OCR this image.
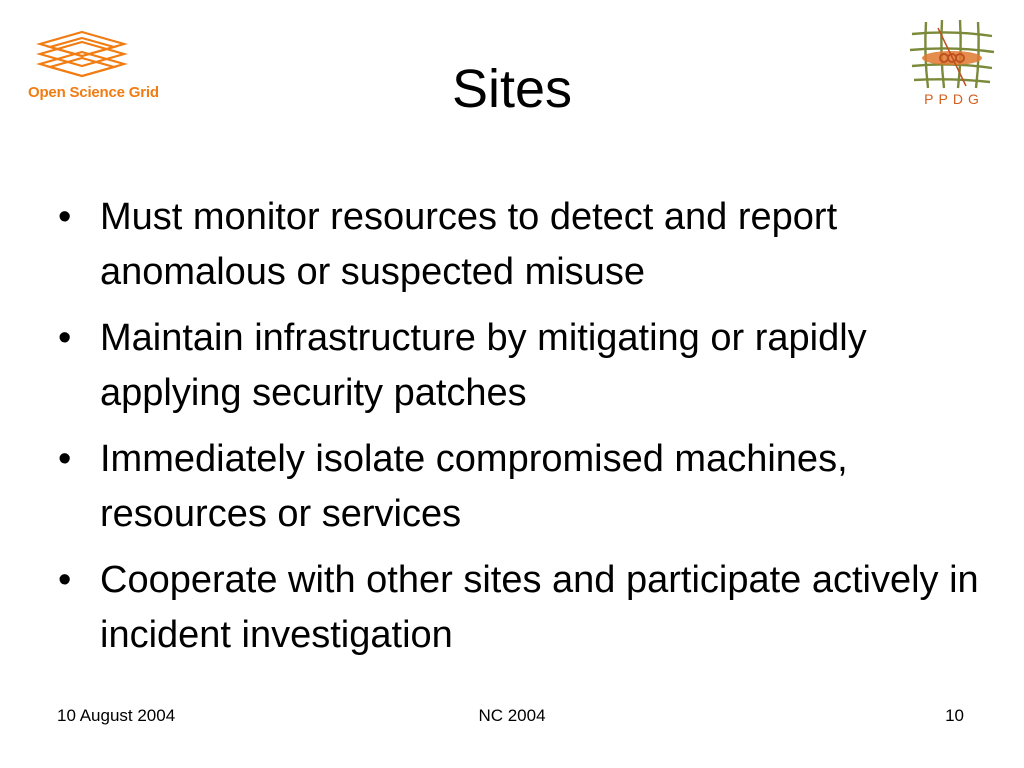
Open Science Grid	Sites	PPDG
• Must monitor resources to detect and report anomalous or suspected misuse
• Maintain infrastructure by mitigating or rapidly applying security patches
• Immediately isolate compromised machines, resources or services
• Cooperate with other sites and participate actively in incident investigation
10 August 2004	NC 2004	10
